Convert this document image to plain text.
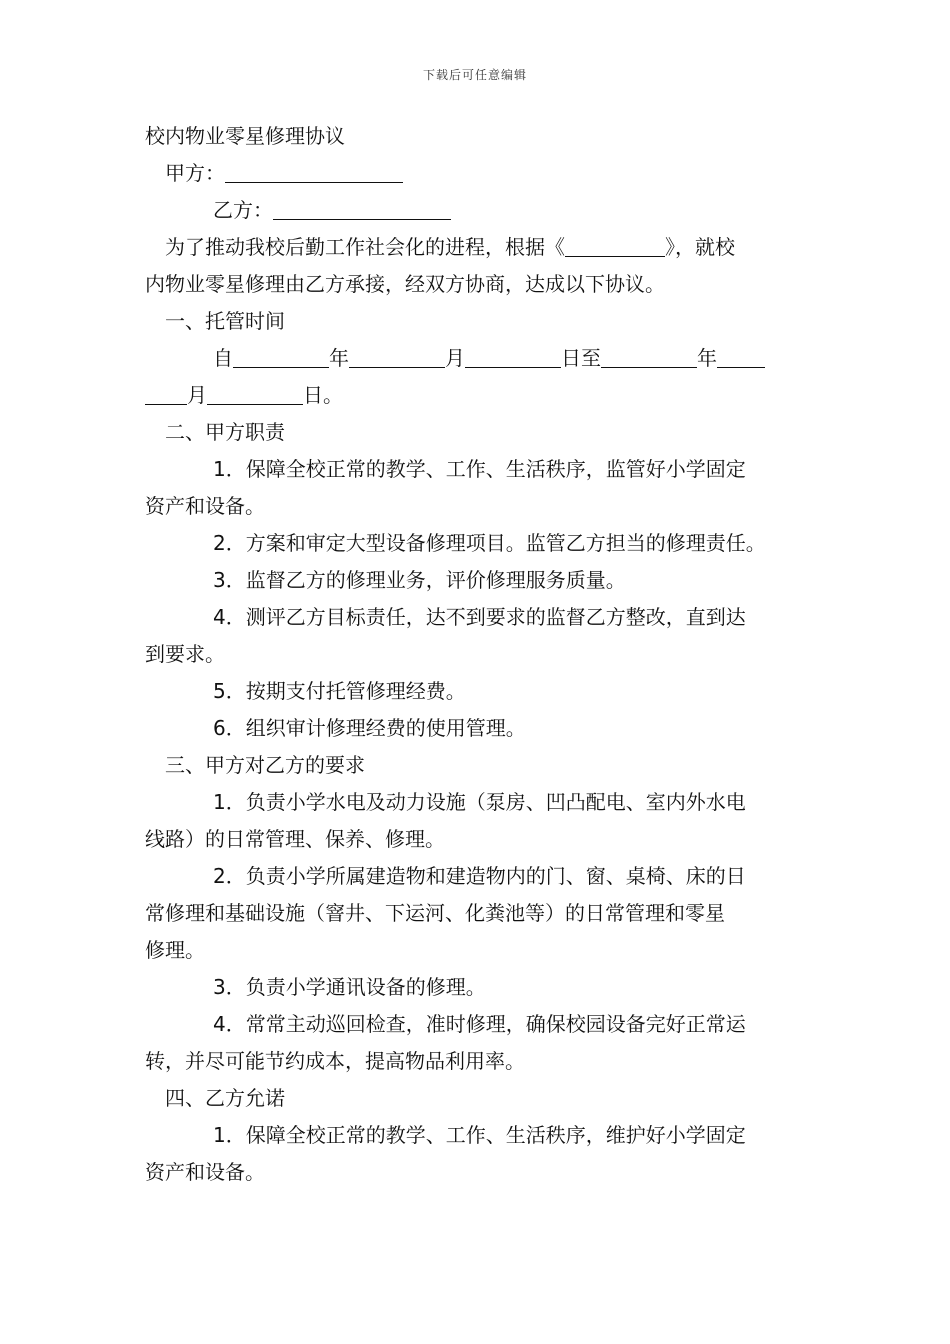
下载后可任意编辑

校内物业零星修理协议

甲方：

乙方：

为了推动我校后勤工作社会化的进程，根据《	》，就校

内物业零星修理由乙方承接，经双方协商，达成以下协议。

一、托管时间

自	年	月	日至	年

月	日。

二、甲方职责

1．保障全校正常的教学、工作、生活秩序，监管好小学固定

资产和设备。

2．方案和审定大型设备修理项目。监管乙方担当的修理责任。

3．监督乙方的修理业务，评价修理服务质量。

4．测评乙方目标责任，达不到要求的监督乙方整改，直到达

到要求。

5．按期支付托管修理经费。

6．组织审计修理经费的使用管理。

三、甲方对乙方的要求

1．负责小学水电及动力设施（泵房、凹凸配电、室内外水电

线路）的日常管理、保养、修理。

2．负责小学所属建造物和建造物内的门、窗、桌椅、床的日

常修理和基础设施（窨井、下运河、化粪池等）的日常管理和零星

修理。

3．负责小学通讯设备的修理。

4．常常主动巡回检查，准时修理，确保校园设备完好正常运

转，并尽可能节约成本，提高物品利用率。

四、乙方允诺

1．保障全校正常的教学、工作、生活秩序，维护好小学固定

资产和设备。
